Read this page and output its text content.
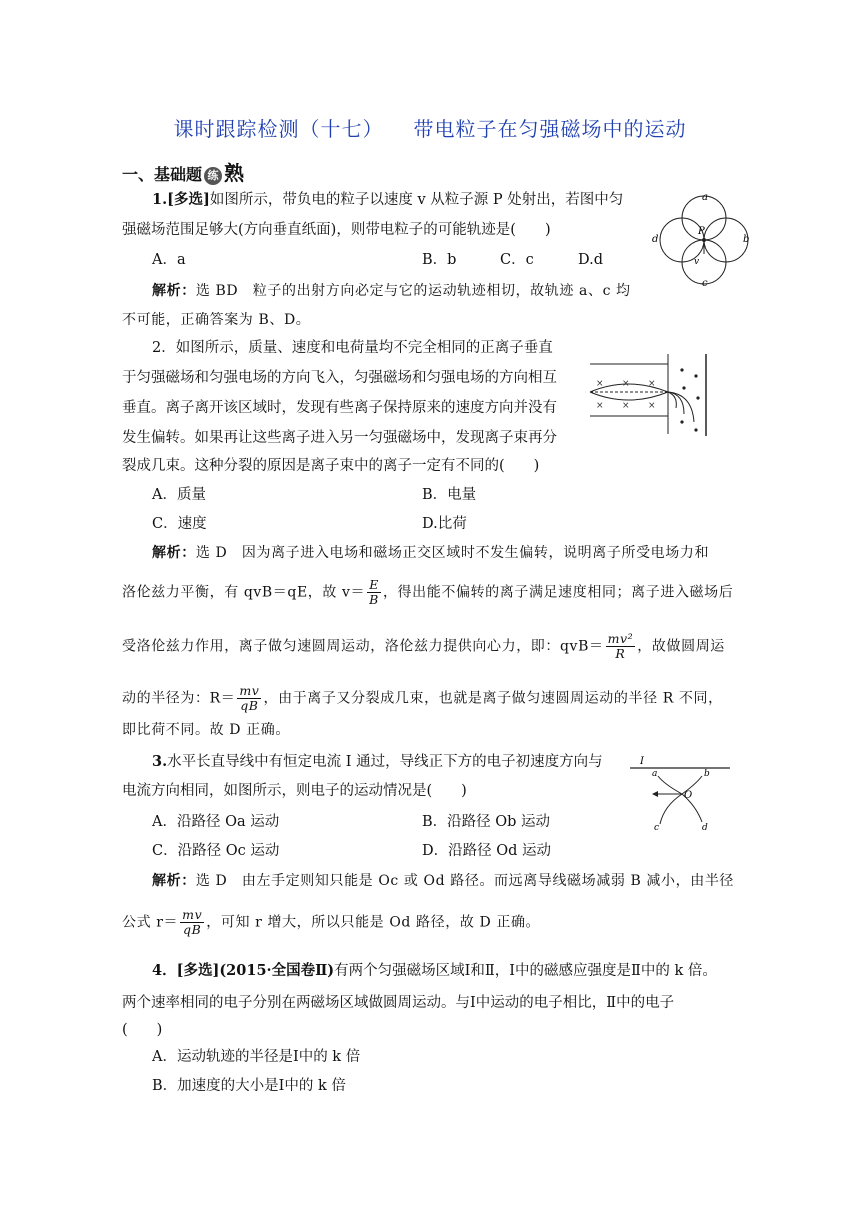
课时跟踪检测（十七） 带电粒子在匀强磁场中的运动
一、基础题 练 熟
1.[多选]如图所示，带负电的粒子以速度 v 从粒子源 P 处射出，若图中匀
强磁场范围足够大(方向垂直纸面)，则带电粒子的可能轨迹是(　　)
A．a	B．b	C．c	D.d
解析：选 BD　粒子的出射方向必定与它的运动轨迹相切，故轨迹 a、c 均
不可能，正确答案为 B、D。
a
b
c
d
P
v
2．如图所示，质量、速度和电荷量均不完全相同的正离子垂直
于匀强磁场和匀强电场的方向飞入，匀强磁场和匀强电场的方向相互
垂直。离子离开该区域时，发现有些离子保持原来的速度方向并没有
发生偏转。如果再让这些离子进入另一匀强磁场中，发现离子束再分
裂成几束。这种分裂的原因是离子束中的离子一定有不同的(　　)
A．质量	B．电量
C．速度	D.比荷
解析：选 D　因为离子进入电场和磁场正交区域时不发生偏转，说明离子所受电场力和
洛伦兹力平衡，有 qvB＝qE，故 $v= \frac{E}{B}$ ，得出能不偏转的离子满足速度相同；离子进入磁场后
受洛伦兹力作用，离子做匀速圆周运动，洛伦兹力提供向心力，即：$qvB= \frac{\text{mv²}}{R}$ ，故做圆周运
动的半径为：$R= \frac{mv}{qB}$ ，由于离子又分裂成几束，也就是离子做匀速圆周运动的半径 R 不同，
即比荷不同。故 D 正确。
× × ×
× × ×
3.水平长直导线中有恒定电流 I 通过，导线正下方的电子初速度方向与
电流方向相同，如图所示，则电子的运动情况是(　　)
A．沿路径 Oa 运动	B．沿路径 Ob 运动
C．沿路径 Oc 运动	D．沿路径 Od 运动
解析：选 D　由左手定则知只能是 Oc 或 Od 路径。而远离导线磁场减弱 B 减小，由半径
公式 $r= \frac{mv}{qB}$ ，可知 r 增大，所以只能是 Od 路径，故 D 正确。
I
a	b
c	d
O
4．[多选](2015·全国卷Ⅱ)有两个匀强磁场区域Ⅰ和Ⅱ，Ⅰ中的磁感应强度是Ⅱ中的 k 倍。
两个速率相同的电子分别在两磁场区域做圆周运动。与Ⅰ中运动的电子相比，Ⅱ中的电子
(　　)
A．运动轨迹的半径是Ⅰ中的 k 倍
B．加速度的大小是Ⅰ中的 k 倍
